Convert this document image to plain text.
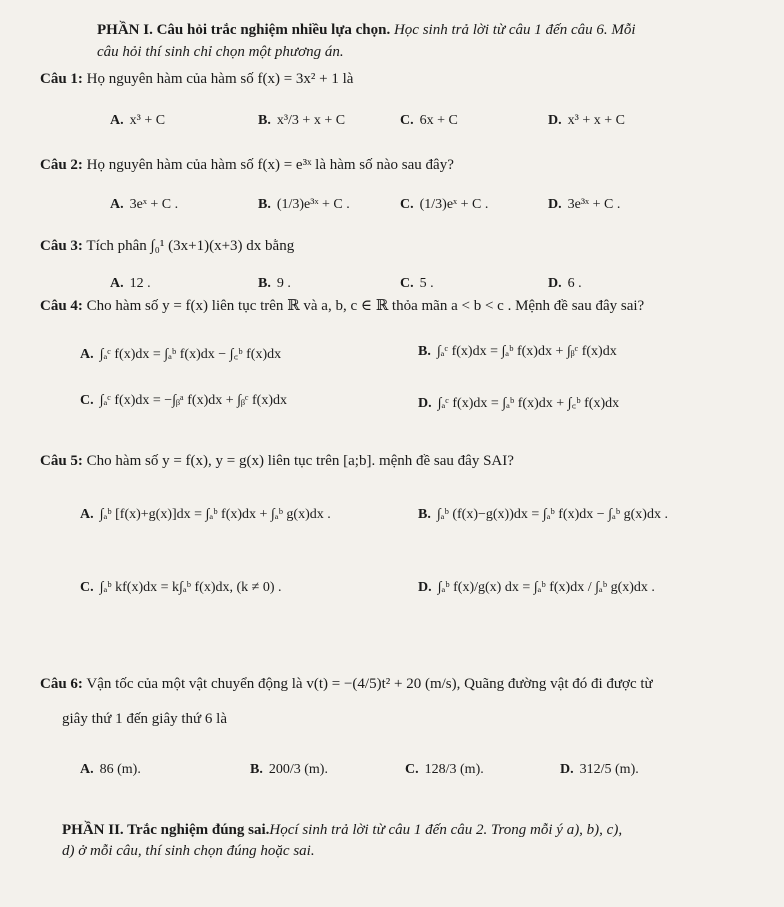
PHẦN I. Câu hỏi trắc nghiệm nhiều lựa chọn. Học sinh trả lời từ câu 1 đến câu 6. Mỗi
câu hỏi thí sinh chỉ chọn một phương án.
Câu 1: Họ nguyên hàm của hàm số f(x) = 3x² + 1 là
A. x³ + C	B. x³/3 + x + C	C. 6x + C	D. x³ + x + C
Câu 2: Họ nguyên hàm của hàm số f(x) = e³ˣ là hàm số nào sau đây?
A. 3eˣ + C .	B. (1/3)e³ˣ + C .	C. (1/3)eˣ + C .	D. 3e³ˣ + C .
Câu 3: Tích phân ∫₀¹ (3x+1)(x+3) dx bằng
A. 12 .	B. 9 .	C. 5 .	D. 6 .
Câu 4: Cho hàm số y = f(x) liên tục trên ℝ và a, b, c ∈ ℝ thỏa mãn a < b < c . Mệnh đề sau đây sai?
A. ∫ₐᶜ f(x)dx = ∫ₐᵇ f(x)dx − ∫꜀ᵇ f(x)dx	B. ∫ₐᶜ f(x)dx = ∫ₐᵇ f(x)dx + ∫ᵦᶜ f(x)dx
C. ∫ₐᶜ f(x)dx = −∫ᵦᵃ f(x)dx + ∫ᵦᶜ f(x)dx	D. ∫ₐᶜ f(x)dx = ∫ₐᵇ f(x)dx + ∫꜀ᵇ f(x)dx
Câu 5: Cho hàm số y = f(x), y = g(x) liên tục trên [a;b]. mệnh đề sau đây SAI?
A. ∫ₐᵇ [f(x)+g(x)]dx = ∫ₐᵇ f(x)dx + ∫ₐᵇ g(x)dx .	B. ∫ₐᵇ (f(x)−g(x))dx = ∫ₐᵇ f(x)dx − ∫ₐᵇ g(x)dx .
C. ∫ₐᵇ kf(x)dx = k∫ₐᵇ f(x)dx, (k ≠ 0) .	D. ∫ₐᵇ f(x)/g(x) dx = ∫ₐᵇ f(x)dx / ∫ₐᵇ g(x)dx .
Câu 6: Vận tốc của một vật chuyển động là v(t) = −(4/5)t² + 20 (m/s), Quãng đường vật đó đi được từ
giây thứ 1 đến giây thứ 6 là
A. 86 (m).	B. 200/3 (m).	C. 128/3 (m).	D. 312/5 (m).
PHẦN II. Trắc nghiệm đúng sai.Họcí sinh trả lời từ câu 1 đến câu 2. Trong mỗi ý a), b), c),
d) ở mỗi câu, thí sinh chọn đúng hoặc sai.
